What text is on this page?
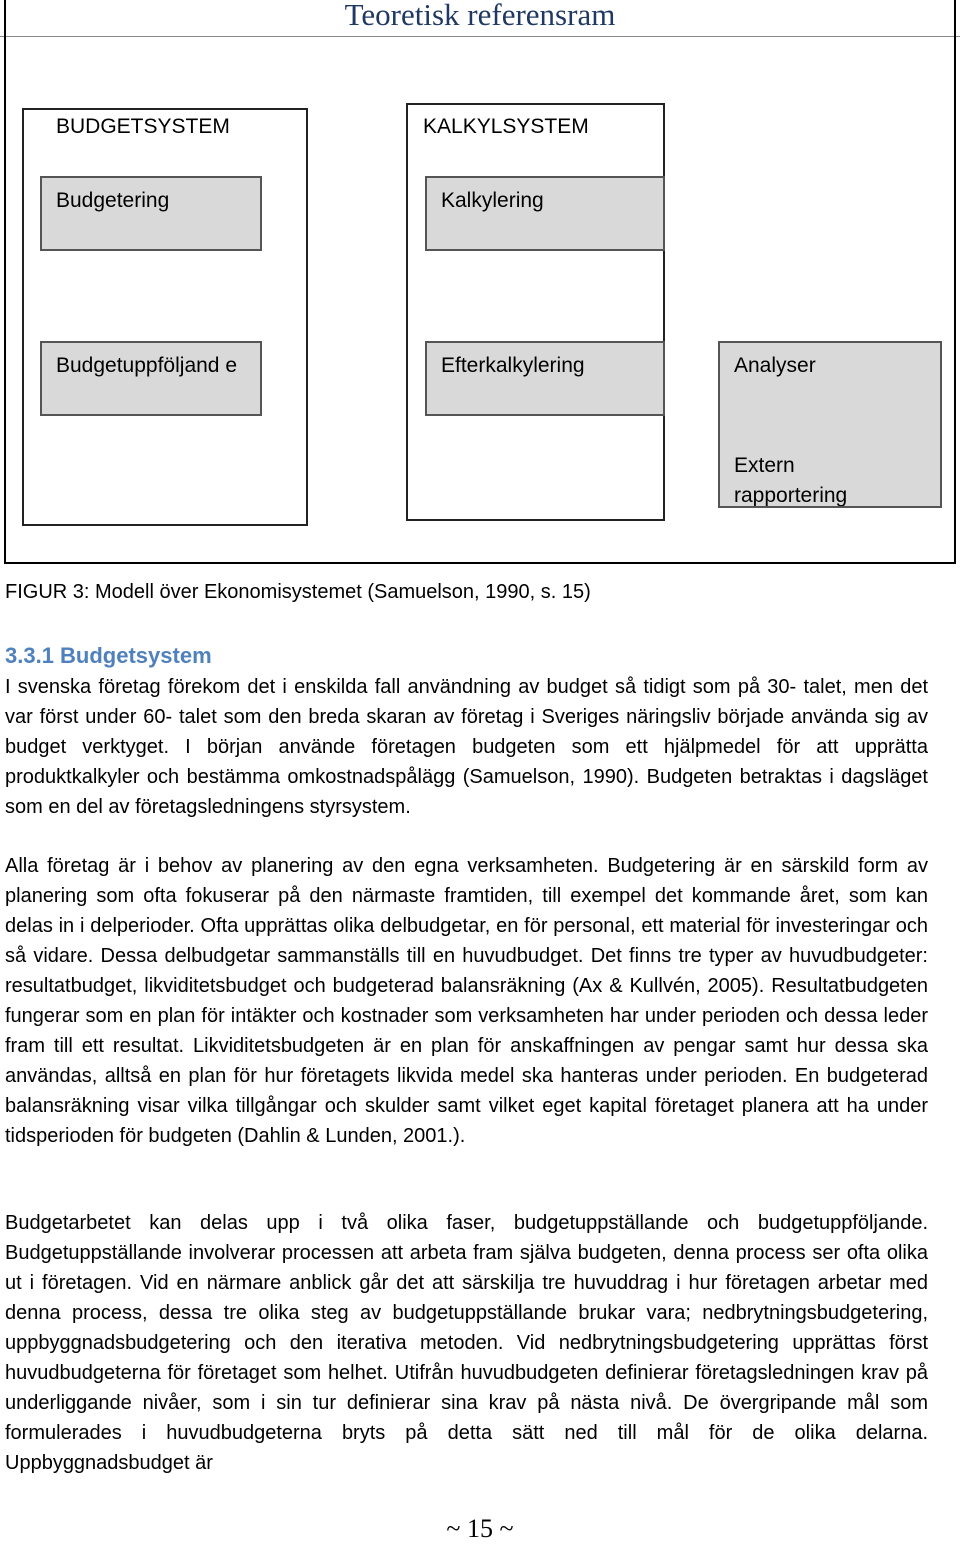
Teoretisk referensram
BUDGETSYSTEM
Budgetering
Budgetuppföljand e
KALKYLSYSTEM
Kalkylering
Efterkalkylering	Analyser
Extern rapportering
FIGUR 3: Modell över Ekonomisystemet (Samuelson, 1990, s. 15)
3.3.1 Budgetsystem

I svenska företag förekom det i enskilda fall användning av budget så tidigt som på 30- talet, men det var först under 60- talet som den breda skaran av företag i Sveriges näringsliv började använda sig av budget verktyget. I början använde företagen budgeten som ett hjälpmedel för att upprätta produktkalkyler och bestämma omkostnadspålägg (Samuelson, 1990). Budgeten betraktas i dagsläget som en del av företagsledningens styrsystem.

Alla företag är i behov av planering av den egna verksamheten. Budgetering är en särskild form av planering som ofta fokuserar på den närmaste framtiden, till exempel det kommande året, som kan delas in i delperioder. Ofta upprättas olika delbudgetar, en för personal, ett material för investeringar och så vidare. Dessa delbudgetar sammanställs till en huvudbudget. Det finns tre typer av huvudbudgeter: resultatbudget, likviditetsbudget och budgeterad balansräkning (Ax & Kullvén, 2005). Resultatbudgeten fungerar som en plan för intäkter och kostnader som verksamheten har under perioden och dessa leder fram till ett resultat. Likviditetsbudgeten är en plan för anskaffningen av pengar samt hur dessa ska användas, alltså en plan för hur företagets likvida medel ska hanteras under perioden. En budgeterad balansräkning visar vilka tillgångar och skulder samt vilket eget kapital företaget planera att ha under tidsperioden för budgeten (Dahlin & Lunden, 2001.).

Budgetarbetet kan delas upp i två olika faser, budgetuppställande och budgetuppföljande. Budgetuppställande involverar processen att arbeta fram själva budgeten, denna process ser ofta olika ut i företagen. Vid en närmare anblick går det att särskilja tre huvuddrag i hur företagen arbetar med denna process, dessa tre olika steg av budgetuppställande brukar vara; nedbrytningsbudgetering, uppbyggnadsbudgetering och den iterativa metoden. Vid nedbrytningsbudgetering upprättas först huvudbudgeterna för företaget som helhet. Utifrån huvudbudgeten definierar företagsledningen krav på underliggande nivåer, som i sin tur definierar sina krav på nästa nivå. De övergripande mål som formulerades i huvudbudgeterna bryts på detta sätt ned till mål för de olika delarna. Uppbyggnadsbudget är

~ 15 ~
